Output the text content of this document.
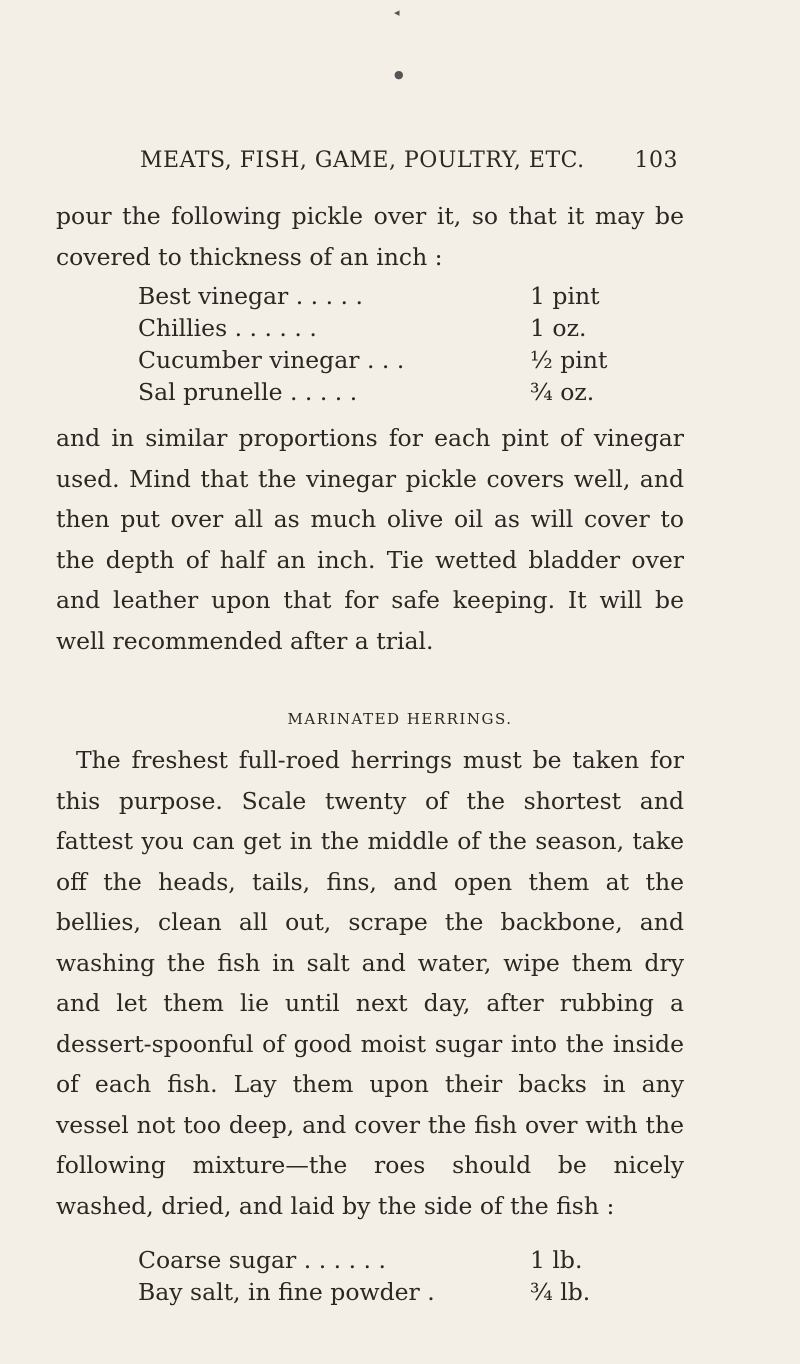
◂
●
MEATS, FISH, GAME, POULTRY, ETC. 103

pour the following pickle over it, so that it may be covered to thickness of an inch :

Best vinegar . . . . .	1 pint
Chillies . . . . . .	1 oz.
Cucumber vinegar . . .	½ pint
Sal prunelle . . . . .	¾ oz.

and in similar proportions for each pint of vinegar used. Mind that the vinegar pickle covers well, and then put over all as much olive oil as will cover to the depth of half an inch. Tie wetted bladder over and leather upon that for safe keeping. It will be well recommended after a trial.

MARINATED HERRINGS.

The freshest full-roed herrings must be taken for this purpose. Scale twenty of the shortest and fattest you can get in the middle of the season, take off the heads, tails, fins, and open them at the bellies, clean all out, scrape the backbone, and washing the fish in salt and water, wipe them dry and let them lie until next day, after rubbing a dessert-spoonful of good moist sugar into the inside of each fish. Lay them upon their backs in any vessel not too deep, and cover the fish over with the following mixture—the roes should be nicely washed, dried, and laid by the side of the fish :

Coarse sugar . . . . . .	1 lb.
Bay salt, in fine powder .	¾ lb.
